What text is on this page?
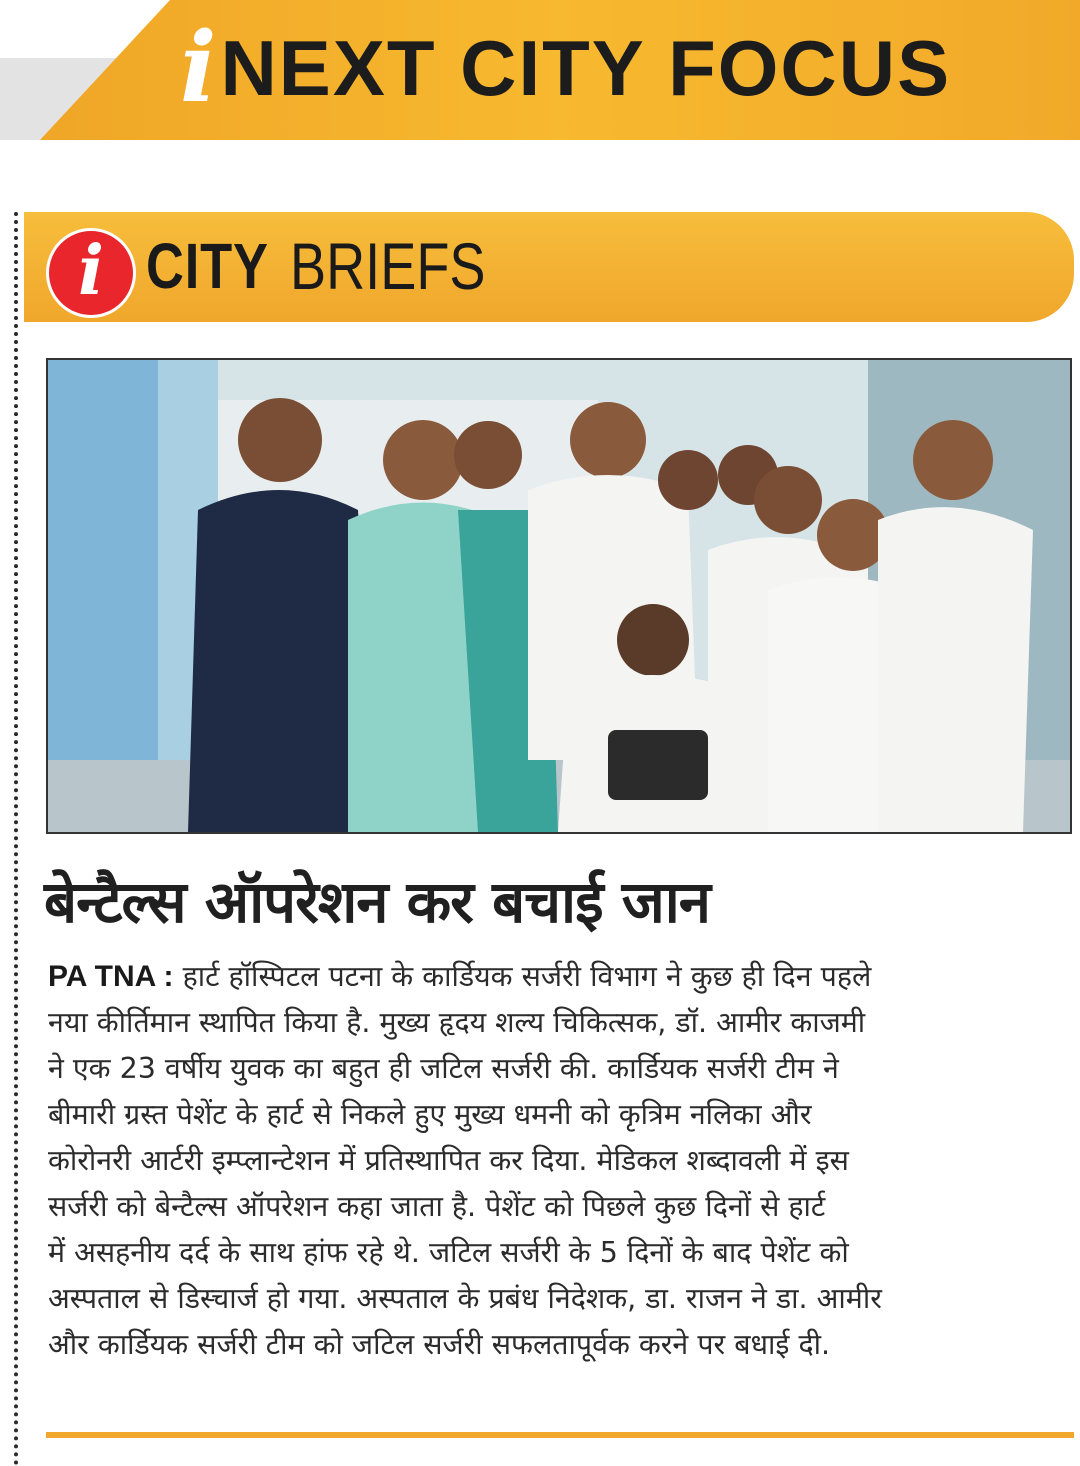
i NEXT CITY FOCUS
i CITY BRIEFS
बेन्टैल्स ऑपरेशन कर बचाई जान
PA TNA : हार्ट हॉस्पिटल पटना के कार्डियक सर्जरी विभाग ने कुछ ही दिन पहले
नया कीर्तिमान स्थापित किया है. मुख्य हृदय शल्य चिकित्सक, डॉ. आमीर काजमी
ने एक 23 वर्षीय युवक का बहुत ही जटिल सर्जरी की. कार्डियक सर्जरी टीम ने
बीमारी ग्रस्त पेशेंट के हार्ट से निकले हुए मुख्य धमनी को कृत्रिम नलिका और
कोरोनरी आर्टरी इम्प्लान्टेशन में प्रतिस्थापित कर दिया. मेडिकल शब्दावली में इस
सर्जरी को बेन्टैल्स ऑपरेशन कहा जाता है. पेशेंट को पिछले कुछ दिनों से हार्ट
में असहनीय दर्द के साथ हांफ रहे थे. जटिल सर्जरी के 5 दिनों के बाद पेशेंट को
अस्पताल से डिस्चार्ज हो गया. अस्पताल के प्रबंध निदेशक, डा. राजन ने डा. आमीर
और कार्डियक सर्जरी टीम को जटिल सर्जरी सफलतापूर्वक करने पर बधाई दी.
